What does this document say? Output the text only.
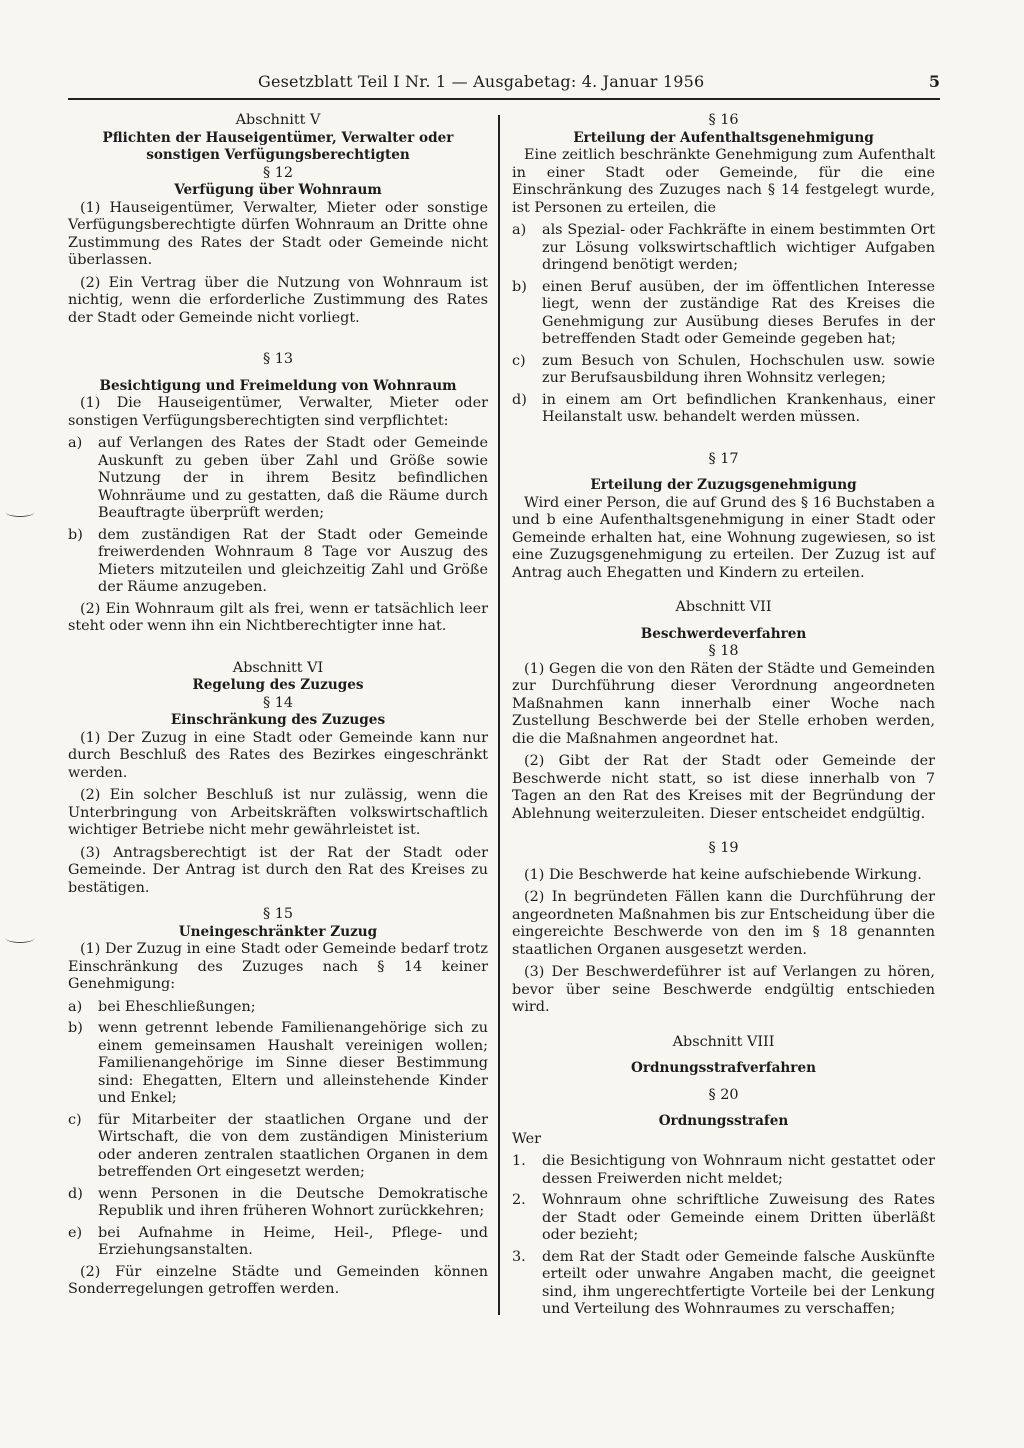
Gesetzblatt Teil I Nr. 1 — Ausgabetag: 4. Januar 1956	5

Abschnitt V

Pflichten der Hauseigentümer, Verwalter oder sonstigen Verfügungsberechtigten

§ 12

Verfügung über Wohnraum

(1) Hauseigentümer, Verwalter, Mieter oder sonstige Verfügungsberechtigte dürfen Wohnraum an Dritte ohne Zustimmung des Rates der Stadt oder Gemeinde nicht überlassen.

(2) Ein Vertrag über die Nutzung von Wohnraum ist nichtig, wenn die erforderliche Zustimmung des Rates der Stadt oder Gemeinde nicht vorliegt.

§ 13

Besichtigung und Freimeldung von Wohnraum

(1) Die Hauseigentümer, Verwalter, Mieter oder sonstigen Verfügungsberechtigten sind verpflichtet:

a)	auf Verlangen des Rates der Stadt oder Gemeinde Auskunft zu geben über Zahl und Größe sowie Nutzung der in ihrem Besitz befindlichen Wohnräume und zu gestatten, daß die Räume durch Beauftragte überprüft werden;
b)	dem zuständigen Rat der Stadt oder Gemeinde freiwerdenden Wohnraum 8 Tage vor Auszug des Mieters mitzuteilen und gleichzeitig Zahl und Größe der Räume anzugeben.

(2) Ein Wohnraum gilt als frei, wenn er tatsächlich leer steht oder wenn ihn ein Nichtberechtigter inne hat.

Abschnitt VI

Regelung des Zuzuges

§ 14

Einschränkung des Zuzuges

(1) Der Zuzug in eine Stadt oder Gemeinde kann nur durch Beschluß des Rates des Bezirkes eingeschränkt werden.

(2) Ein solcher Beschluß ist nur zulässig, wenn die Unterbringung von Arbeitskräften volkswirtschaftlich wichtiger Betriebe nicht mehr gewährleistet ist.

(3) Antragsberechtigt ist der Rat der Stadt oder Gemeinde. Der Antrag ist durch den Rat des Kreises zu bestätigen.

§ 15

Uneingeschränkter Zuzug

(1) Der Zuzug in eine Stadt oder Gemeinde bedarf trotz Einschränkung des Zuzuges nach § 14 keiner Genehmigung:

a)	bei Eheschließungen;
b)	wenn getrennt lebende Familienangehörige sich zu einem gemeinsamen Haushalt vereinigen wollen; Familienangehörige im Sinne dieser Bestimmung sind: Ehegatten, Eltern und alleinstehende Kinder und Enkel;
c)	für Mitarbeiter der staatlichen Organe und der Wirtschaft, die von dem zuständigen Ministerium oder anderen zentralen staatlichen Organen in dem betreffenden Ort eingesetzt werden;
d)	wenn Personen in die Deutsche Demokratische Republik und ihren früheren Wohnort zurückkehren;
e)	bei Aufnahme in Heime, Heil-, Pflege- und Erziehungsanstalten.

(2) Für einzelne Städte und Gemeinden können Sonderregelungen getroffen werden.

§ 16

Erteilung der Aufenthaltsgenehmigung

Eine zeitlich beschränkte Genehmigung zum Aufenthalt in einer Stadt oder Gemeinde, für die eine Einschränkung des Zuzuges nach § 14 festgelegt wurde, ist Personen zu erteilen, die

a)	als Spezial- oder Fachkräfte in einem bestimmten Ort zur Lösung volkswirtschaftlich wichtiger Aufgaben dringend benötigt werden;
b)	einen Beruf ausüben, der im öffentlichen Interesse liegt, wenn der zuständige Rat des Kreises die Genehmigung zur Ausübung dieses Berufes in der betreffenden Stadt oder Gemeinde gegeben hat;
c)	zum Besuch von Schulen, Hochschulen usw. sowie zur Berufsausbildung ihren Wohnsitz verlegen;
d)	in einem am Ort befindlichen Krankenhaus, einer Heilanstalt usw. behandelt werden müssen.

§ 17

Erteilung der Zuzugsgenehmigung

Wird einer Person, die auf Grund des § 16 Buchstaben a und b eine Aufenthaltsgenehmigung in einer Stadt oder Gemeinde erhalten hat, eine Wohnung zugewiesen, so ist eine Zuzugsgenehmigung zu erteilen. Der Zuzug ist auf Antrag auch Ehegatten und Kindern zu erteilen.

Abschnitt VII

Beschwerdeverfahren

§ 18

(1) Gegen die von den Räten der Städte und Gemeinden zur Durchführung dieser Verordnung angeordneten Maßnahmen kann innerhalb einer Woche nach Zustellung Beschwerde bei der Stelle erhoben werden, die die Maßnahmen angeordnet hat.

(2) Gibt der Rat der Stadt oder Gemeinde der Beschwerde nicht statt, so ist diese innerhalb von 7 Tagen an den Rat des Kreises mit der Begründung der Ablehnung weiterzuleiten. Dieser entscheidet endgültig.

§ 19

(1) Die Beschwerde hat keine aufschiebende Wirkung.

(2) In begründeten Fällen kann die Durchführung der angeordneten Maßnahmen bis zur Entscheidung über die eingereichte Beschwerde von den im § 18 genannten staatlichen Organen ausgesetzt werden.

(3) Der Beschwerdeführer ist auf Verlangen zu hören, bevor über seine Beschwerde endgültig entschieden wird.

Abschnitt VIII

Ordnungsstrafverfahren

§ 20

Ordnungsstrafen

Wer

1.	die Besichtigung von Wohnraum nicht gestattet oder dessen Freiwerden nicht meldet;
2.	Wohnraum ohne schriftliche Zuweisung des Rates der Stadt oder Gemeinde einem Dritten überläßt oder bezieht;
3.	dem Rat der Stadt oder Gemeinde falsche Auskünfte erteilt oder unwahre Angaben macht, die geeignet sind, ihm ungerechtfertigte Vorteile bei der Lenkung und Verteilung des Wohnraumes zu verschaffen;
